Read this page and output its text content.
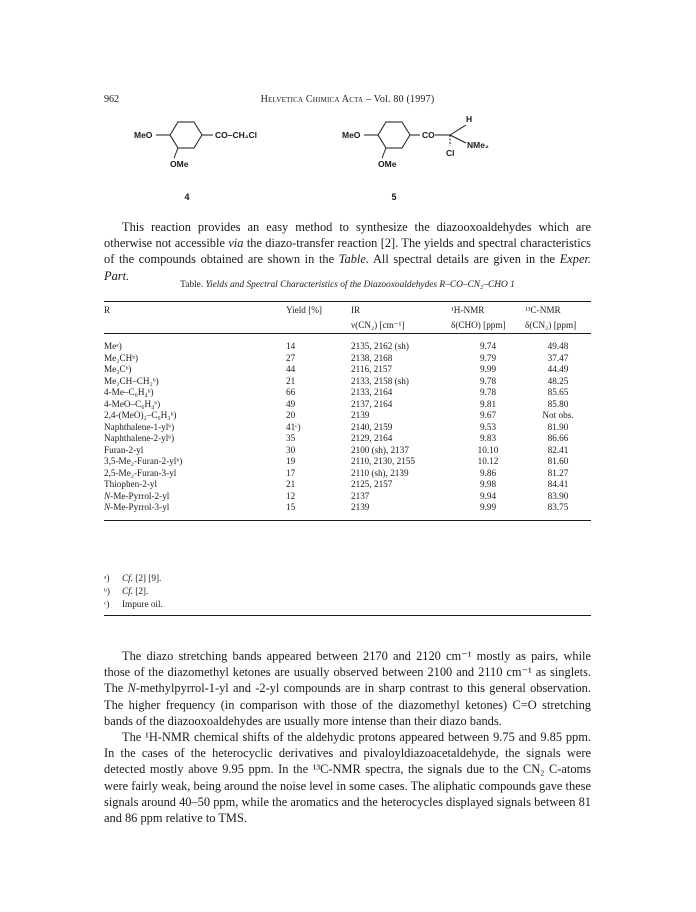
962	Helvetica Chimica Acta – Vol. 80 (1997)
MeO	CO–CH₂Cl
OMe
4
MeO	CO
H
NMe₂
Cl
OMe
5

This reaction provides an easy method to synthesize the diazooxoaldehydes which are otherwise not accessible via the diazo-transfer reaction [2]. The yields and spectral characteristics of the compounds obtained are shown in the Table. All spectral details are given in the Exper. Part.

Table. Yields and Spectral Characteristics of the Diazooxoaldehydes R–CO–CN₂–CHO 1
R	Yield [%]	IR	¹H-NMR	¹³C-NMR
		ν(CN₂) [cm⁻¹]	δ(CHO) [ppm]	δ(CN₂) [ppm]
Meᵃ)	14	2135, 2162 (sh)	9.74	49.48
Me₂CHᵇ)	27	2138, 2168	9.79	37.47
Me₃Cᵇ)	44	2116, 2157	9.99	44.49
Me₂CH–CH₂ᵇ)	21	2133, 2158 (sh)	9.78	48.25
4-Me–C₆H₄ᵇ)	66	2133, 2164	9.78	85.65
4-MeO–C₆H₄ᵇ)	49	2137, 2164	9.81	85.80
2,4-(MeO)₂–C₆H₃ᵇ)	20	2139	9.67	Not obs.
Naphthalene-1-ylᵇ)	41ᶜ)	2140, 2159	9.53	81.90
Naphthalene-2-ylᵇ)	35	2129, 2164	9.83	86.66
Furan-2-yl	30	2100 (sh), 2137	10.10	82.41
3,5-Me₂-Furan-2-ylᵇ)	19	2110, 2130, 2155	10.12	81.60
2,5-Me₂-Furan-3-yl	17	2110 (sh), 2139	9.86	81.27
Thiophen-2-yl	21	2125, 2157	9.98	84.41
N-Me-Pyrrol-2-yl	12	2137	9.94	83.90
N-Me-Pyrrol-3-yl	15	2139	9.99	83.75
ᵃ)	Cf. [2] [9].
ᵇ)	Cf. [2].
ᶜ)	Impure oil.

The diazo stretching bands appeared between 2170 and 2120 cm⁻¹ mostly as pairs, while those of the diazomethyl ketones are usually observed between 2100 and 2110 cm⁻¹ as singlets. The N-methylpyrrol-1-yl and -2-yl compounds are in sharp contrast to this general observation. The higher frequency (in comparison with those of the diazomethyl ketones) C=O stretching bands of the diazooxoaldehydes are usually more intense than their diazo bands.

The ¹H-NMR chemical shifts of the aldehydic protons appeared between 9.75 and 9.85 ppm. In the cases of the heterocyclic derivatives and pivaloyldiazoacetaldehyde, the signals were detected mostly above 9.95 ppm. In the ¹³C-NMR spectra, the signals due to the CN₂ C-atoms were fairly weak, being around the noise level in some cases. The aliphatic compounds gave these signals around 40–50 ppm, while the aromatics and the heterocycles displayed signals between 81 and 86 ppm relative to TMS.
